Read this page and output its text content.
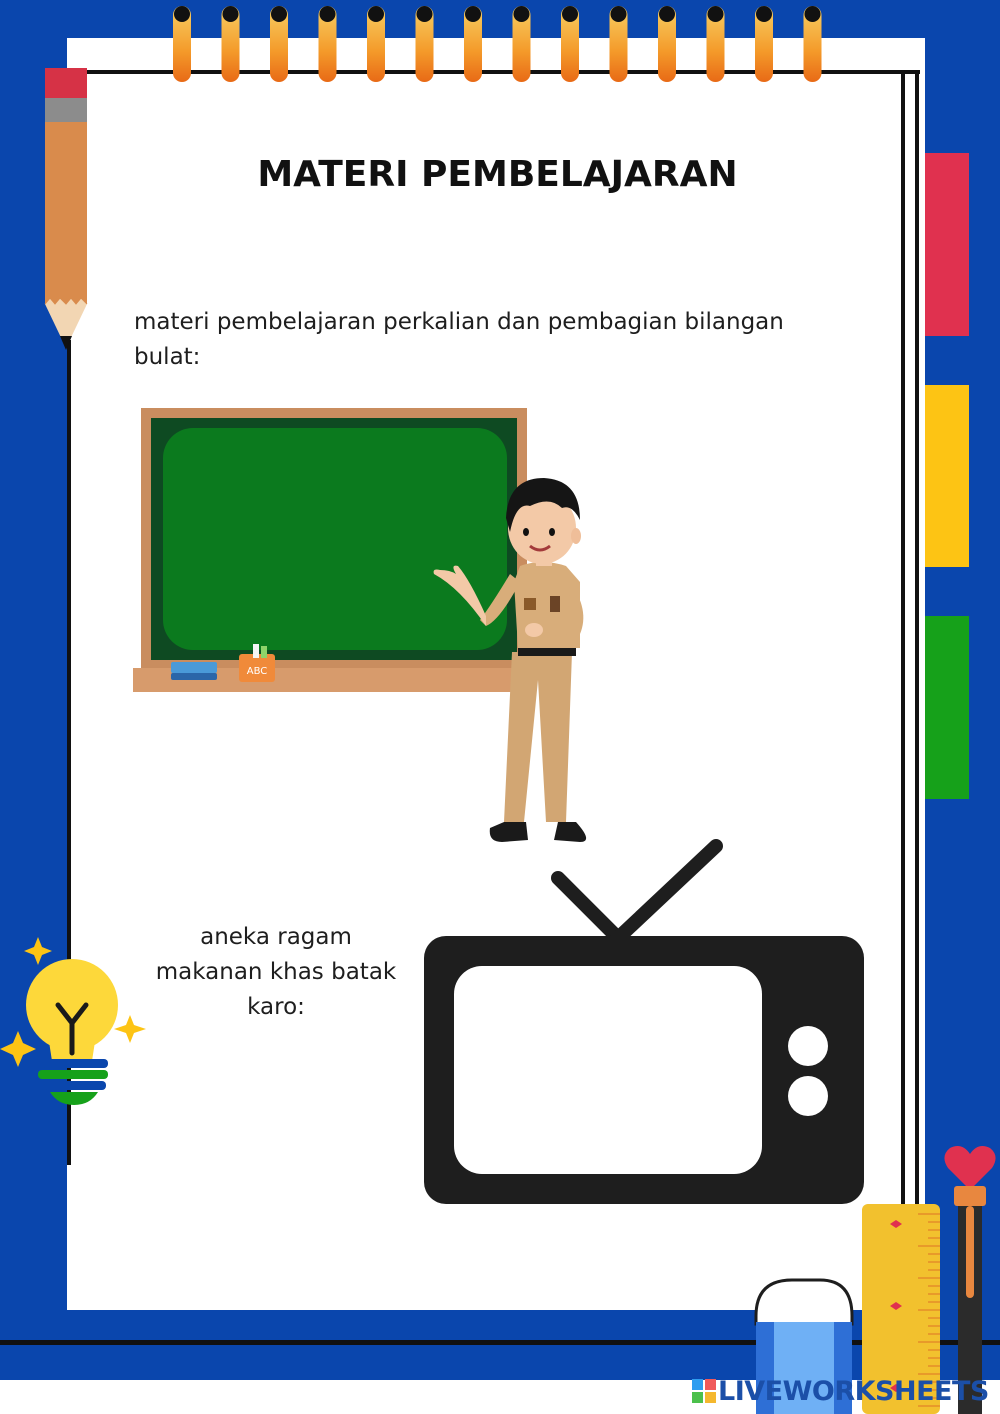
MATERI PEMBELAJARAN
materi pembelajaran perkalian dan pembagian bilangan bulat:
ABC
aneka ragam
makanan khas batak
karo:
LIVEWORKSHEETS
